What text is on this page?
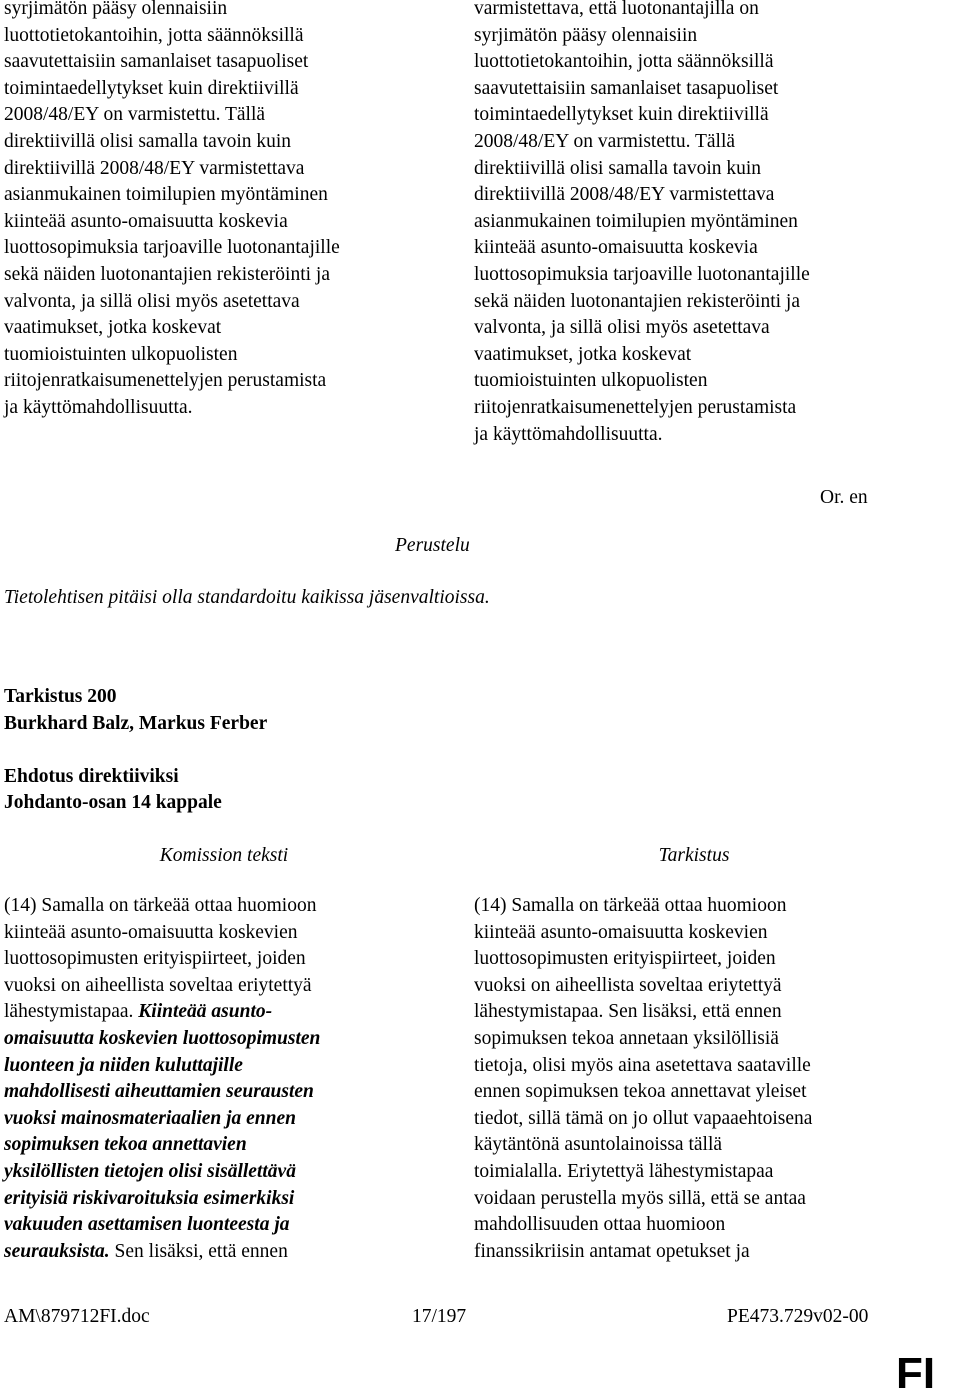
syrjimätön pääsy olennaisiin
luottotietokantoihin, jotta säännöksillä
saavutettaisiin samanlaiset tasapuoliset
toimintaedellytykset kuin direktiivillä
2008/48/EY on varmistettu. Tällä
direktiivillä olisi samalla tavoin kuin
direktiivillä 2008/48/EY varmistettava
asianmukainen toimilupien myöntäminen
kiinteää asunto-omaisuutta koskevia
luottosopimuksia tarjoaville luotonantajille
sekä näiden luotonantajien rekisteröinti ja
valvonta, ja sillä olisi myös asetettava
vaatimukset, jotka koskevat
tuomioistuinten ulkopuolisten
riitojenratkaisumenettelyjen perustamista
ja käyttömahdollisuutta.

varmistettava, että luotonantajilla on
syrjimätön pääsy olennaisiin
luottotietokantoihin, jotta säännöksillä
saavutettaisiin samanlaiset tasapuoliset
toimintaedellytykset kuin direktiivillä
2008/48/EY on varmistettu. Tällä
direktiivillä olisi samalla tavoin kuin
direktiivillä 2008/48/EY varmistettava
asianmukainen toimilupien myöntäminen
kiinteää asunto-omaisuutta koskevia
luottosopimuksia tarjoaville luotonantajille
sekä näiden luotonantajien rekisteröinti ja
valvonta, ja sillä olisi myös asetettava
vaatimukset, jotka koskevat
tuomioistuinten ulkopuolisten
riitojenratkaisumenettelyjen perustamista
ja käyttömahdollisuutta.

Or. en
Perustelu
Tietolehtisen pitäisi olla standardoitu kaikissa jäsenvaltioissa.
Tarkistus 200
Burkhard Balz, Markus Ferber
Ehdotus direktiiviksi
Johdanto-osan 14 kappale
Komission teksti	Tarkistus

(14) Samalla on tärkeää ottaa huomioon
kiinteää asunto-omaisuutta koskevien
luottosopimusten erityispiirteet, joiden
vuoksi on aiheellista soveltaa eriytettyä
lähestymistapaa. Kiinteää asunto-
omaisuutta koskevien luottosopimusten
luonteen ja niiden kuluttajille
mahdollisesti aiheuttamien seurausten
vuoksi mainosmateriaalien ja ennen
sopimuksen tekoa annettavien
yksilöllisten tietojen olisi sisällettävä
erityisiä riskivaroituksia esimerkiksi
vakuuden asettamisen luonteesta ja
seurauksista. Sen lisäksi, että ennen

(14) Samalla on tärkeää ottaa huomioon
kiinteää asunto-omaisuutta koskevien
luottosopimusten erityispiirteet, joiden
vuoksi on aiheellista soveltaa eriytettyä
lähestymistapaa. Sen lisäksi, että ennen
sopimuksen tekoa annetaan yksilöllisiä
tietoja, olisi myös aina asetettava saataville
ennen sopimuksen tekoa annettavat yleiset
tiedot, sillä tämä on jo ollut vapaaehtoisena
käytäntönä asuntolainoissa tällä
toimialalla. Eriytettyä lähestymistapaa
voidaan perustella myös sillä, että se antaa
mahdollisuuden ottaa huomioon
finanssikriisin antamat opetukset ja

AM\879712FI.doc	17/197	PE473.729v02-00
FI
